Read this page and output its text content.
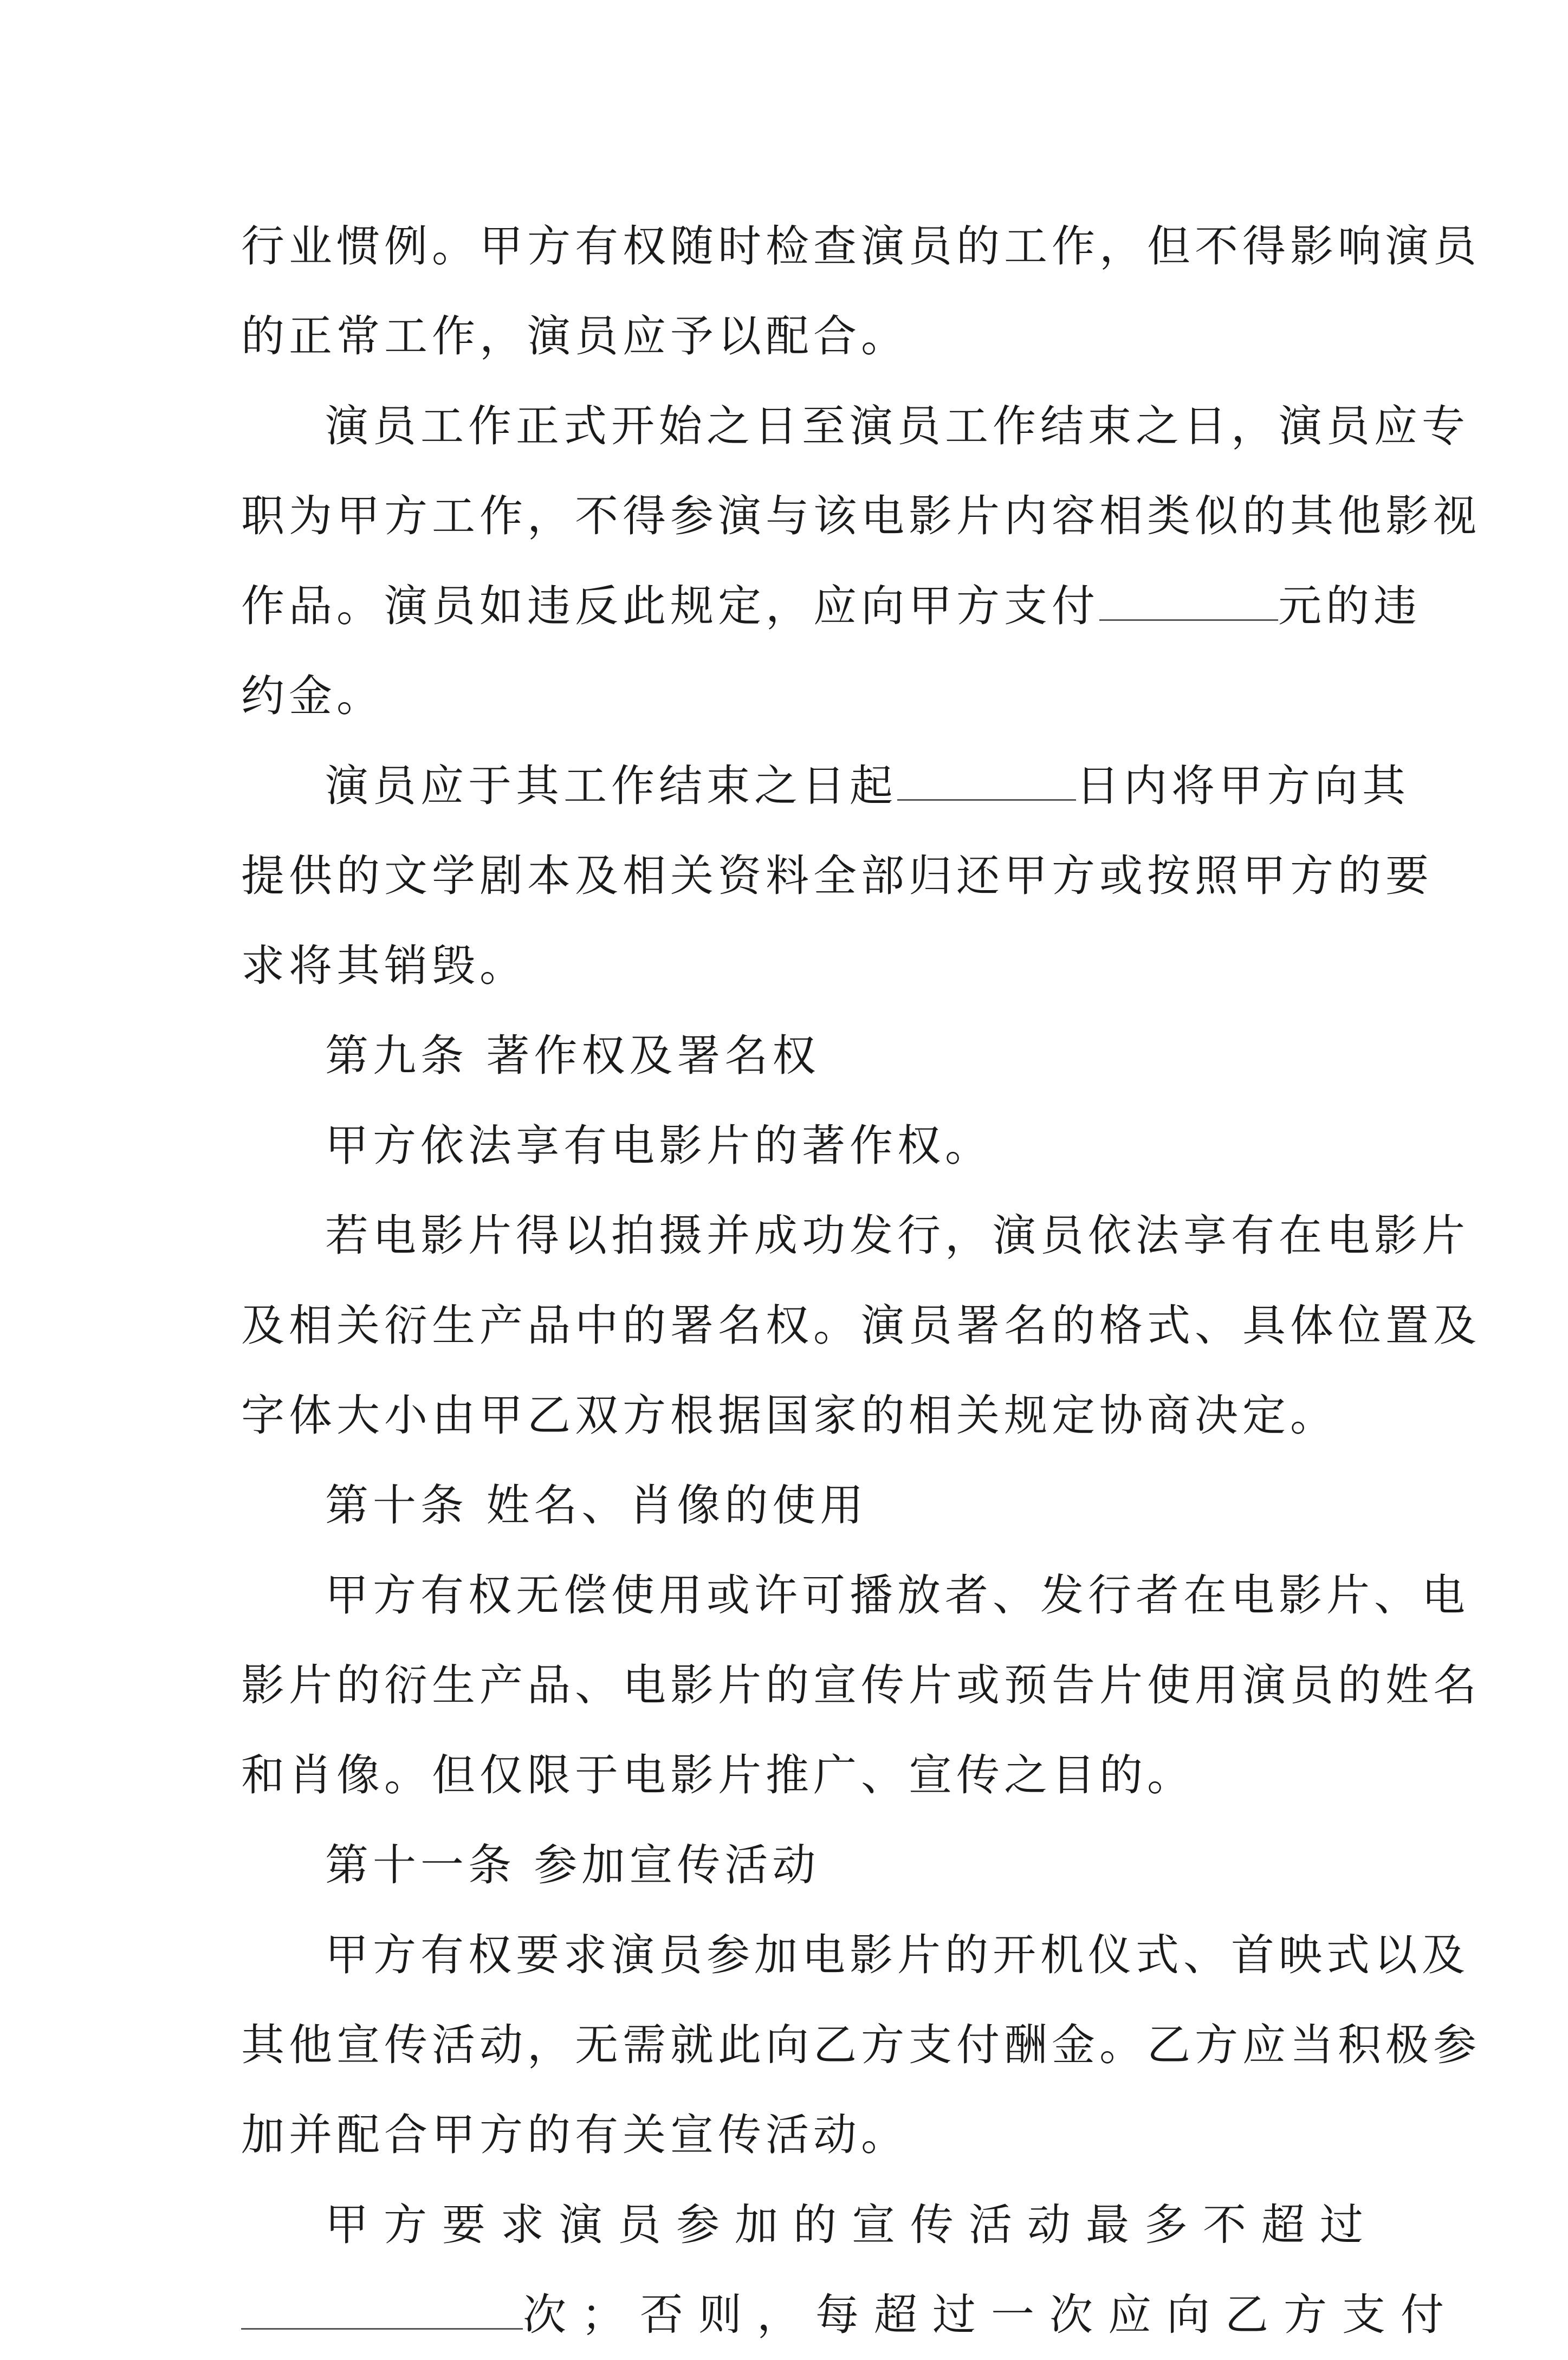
行业惯例。甲方有权随时检查演员的工作，但不得影响演员
的正常工作，演员应予以配合。
演员工作正式开始之日至演员工作结束之日，演员应专
职为甲方工作，不得参演与该电影片内容相类似的其他影视
作品。演员如违反此规定，应向甲方支付	元的违
约金。
演员应于其工作结束之日起	日内将甲方向其
提供的文学剧本及相关资料全部归还甲方或按照甲方的要
求将其销毁。
第九条 著作权及署名权
甲方依法享有电影片的著作权。
若电影片得以拍摄并成功发行，演员依法享有在电影片
及相关衍生产品中的署名权。演员署名的格式、具体位置及
字体大小由甲乙双方根据国家的相关规定协商决定。
第十条 姓名、肖像的使用
甲方有权无偿使用或许可播放者、发行者在电影片、电
影片的衍生产品、电影片的宣传片或预告片使用演员的姓名
和肖像。但仅限于电影片推广、宣传之目的。
第十一条 参加宣传活动
甲方有权要求演员参加电影片的开机仪式、首映式以及
其他宣传活动，无需就此向乙方支付酬金。乙方应当积极参
加并配合甲方的有关宣传活动。
甲方要求演员参加的宣传活动最多不超过
次；否则，每超过一次应向乙方支付
